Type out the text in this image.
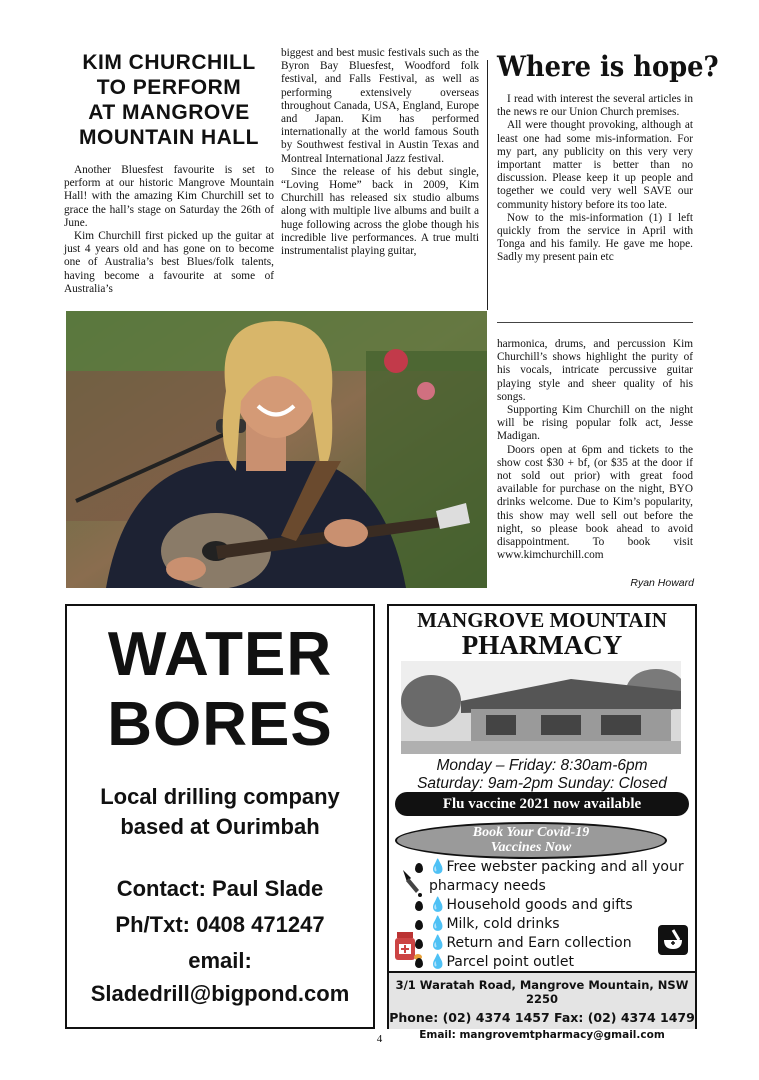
KIM CHURCHILL

TO PERFORM

AT MANGROVE

MOUNTAIN HALL

Another Bluesfest favourite is set to perform at our historic Mangrove Mountain Hall! with the amazing Kim Churchill set to grace the hall’s stage on Saturday the 26th of June.

Kim Churchill first picked up the guitar at just 4 years old and has gone on to become one of Australia’s best Blues/folk talents, having become a favourite at some of Australia’s

biggest and best music festivals such as the Byron Bay Bluesfest, Woodford folk festival, and Falls Festival, as well as performing extensively overseas throughout Canada, USA, England, Europe and Japan. Kim has performed internationally at the world famous South by Southwest festival in Austin Texas and Montreal International Jazz festival.

Since the release of his debut single, “Loving Home” back in 2009, Kim Churchill has released six studio albums along with multiple live albums and built a huge following across the globe though his incredible live performances. A true multi instrumentalist playing guitar,

Where is hope?

I read with interest the several articles in the news re our Union Church premises.

All were thought provoking, although at least one had some mis-information. For my part, any publicity on this very very important matter is better than no discussion. Please keep it up people and together we could very well SAVE our community history before its too late.

Now to the mis-information (1) I left quickly from the service in April with Tonga and his family. He gave me hope. Sadly my present pain etc

harmonica, drums, and percussion Kim Churchill’s shows highlight the purity of his vocals, intricate percussive guitar playing style and sheer quality of his songs.

Supporting Kim Churchill on the night will be rising popular folk act, Jesse Madigan.

Doors open at 6pm and tickets to the show cost $30 + bf, (or $35 at the door if not sold out prior) with great food available for purchase on the night, BYO drinks welcome. Due to Kim’s popularity, this show may well sell out before the night, so please book ahead to avoid disappointment. To book visit www.kimchurchill.com

Ryan Howard

WATER

BORES

Local drilling company

based at Ourimbah

Contact: Paul Slade

Ph/Txt: 0408 471247

email:

Sladedrill@bigpond.com

MANGROVE MOUNTAIN

PHARMACY

Monday – Friday: 8:30am-6pm
Saturday: 9am-2pm Sunday: Closed
Flu vaccine 2021 now available
Book Your Covid-19
Vaccines Now
💧 Free webster packing and all your pharmacy needs
💧 Household goods and gifts
💧 Milk, cold drinks
💧 Return and Earn collection
💧 Parcel point outlet
3/1 Waratah Road, Mangrove Mountain, NSW 2250
Phone: (02) 4374 1457 Fax: (02) 4374 1479
Email: mangrovemtpharmacy@gmail.com
4
